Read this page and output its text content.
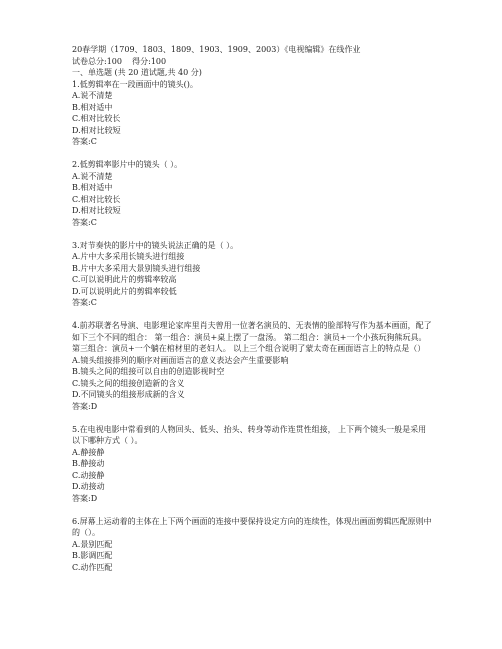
20春学期（1709、1803、1809、1903、1909、2003）《电视编辑》在线作业
试卷总分:100    得分:100
一、单选题 (共 20 道试题,共 40 分)
1.低剪辑率在一段画面中的镜头()。
A.说不清楚
B.相对适中
C.相对比较长
D.相对比较短
答案:C
2.低剪辑率影片中的镜头（ ）。
A.说不清楚
B.相对适中
C.相对比较长
D.相对比较短
答案:C
3.对节奏快的影片中的镜头说法正确的是（ ）。
A.片中大多采用长镜头进行组接
B.片中大多采用大景别镜头进行组接
C.可以说明此片的剪辑率较高
D.可以说明此片的剪辑率较低
答案:C
4.前苏联著名导演、电影理论家库里肖夫曾用一位著名演员的、无表情的脸部特写作为基本画面，配了如下三个不同的组合： 第一组合：演员+桌上摆了一盘汤。 第二组合：演员+一个小孩玩狗熊玩具。 第三组合：演员+一个躺在棺材里的老妇人。 以上三个组合说明了蒙太奇在画面语言上的特点是（）
A.镜头组接排列的顺序对画面语言的意义表达会产生重要影响
B.镜头之间的组接可以自由的创造影视时空
C.镜头之间的组接创造新的含义
D.不同镜头的组接形成新的含义
答案:D
5.在电视电影中常看到的人物回头、低头、抬头、转身等动作连贯性组接， 上下两个镜头一般是采用以下哪种方式（ ）。
A.静接静
B.静接动
C.动接静
D.动接动
答案:D
6.屏幕上运动着的主体在上下两个画面的连接中要保持设定方向的连续性，体现出画面剪辑匹配原则中的（）。
A.景别匹配
B.影调匹配
C.动作匹配
